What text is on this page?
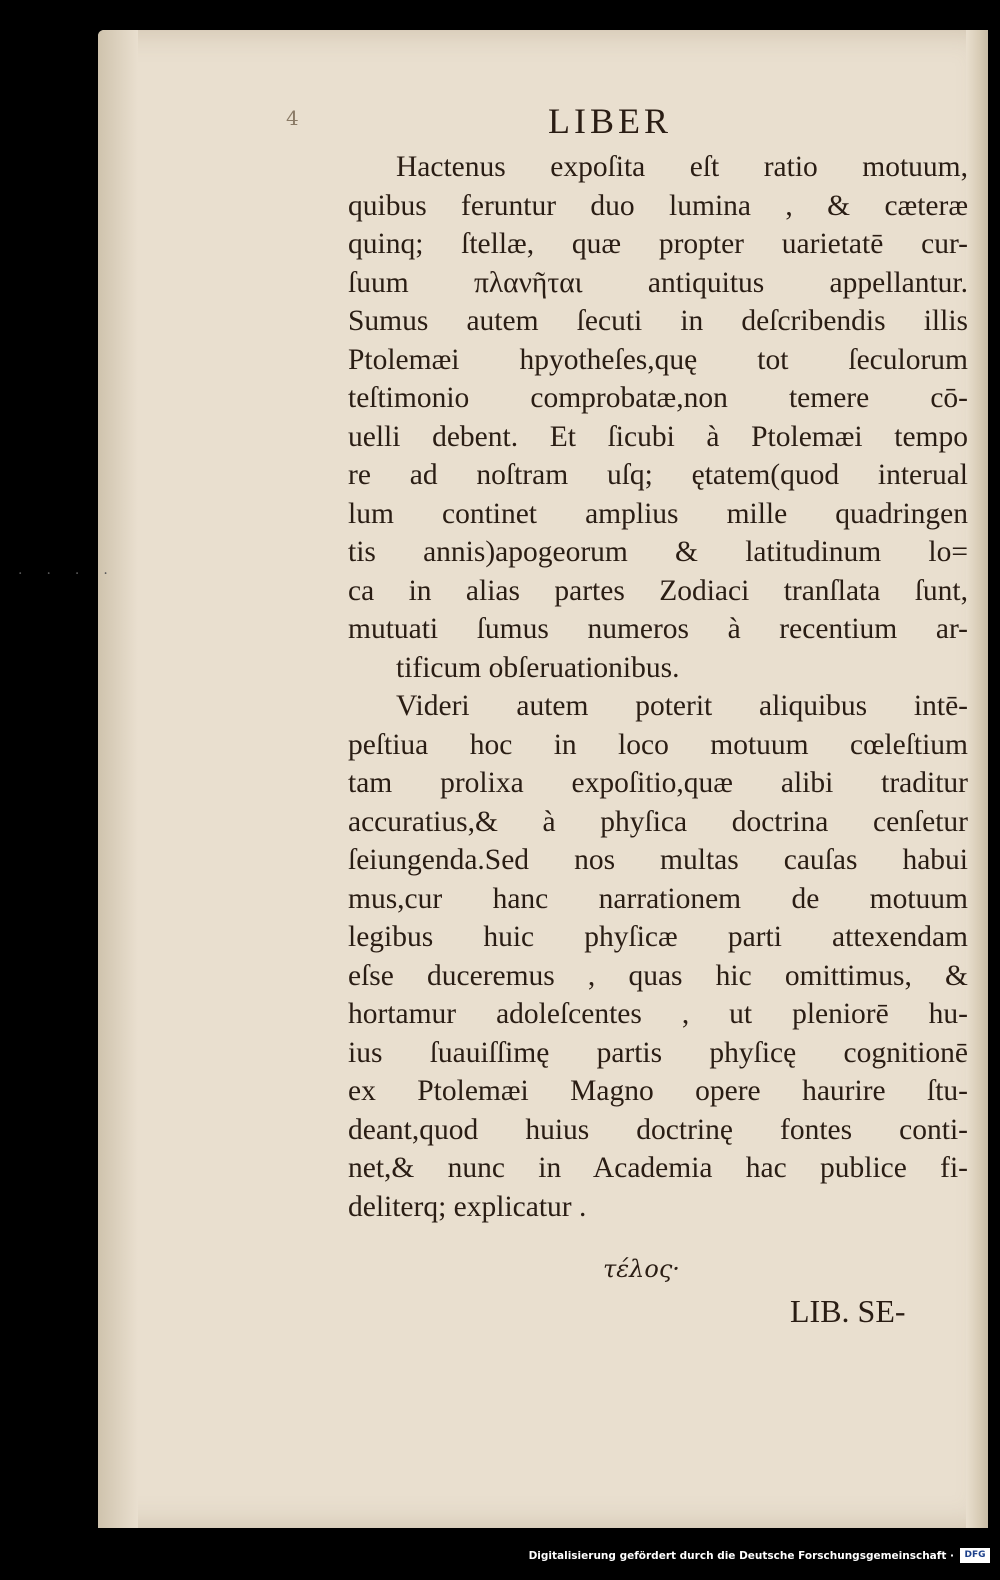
4	LIBER
Hactenus expoſita eſt ratio motuum,
quibus feruntur duo lumina , & cæteræ
quinq; ſtellæ, quæ propter uarietatē cur-
ſuum πλανῆται antiquitus appellantur.
Sumus autem ſecuti in deſcribendis illis
Ptolemæi hpyotheſes,quę tot ſeculorum
teſtimonio comprobatæ,non temere cō-
uelli debent. Et ſicubi à Ptolemæi tempo
re ad noſtram uſq; ętatem(quod interual
lum continet amplius mille quadringen
tis annis)apogeorum & latitudinum lo=
ca in alias partes Zodiaci tranſlata ſunt,
mutuati ſumus numeros à recentium ar-
tificum obſeruationibus.
Videri autem poterit aliquibus intē-
peſtiua hoc in loco motuum cœleſtium
tam prolixa expoſitio,quæ alibi traditur
accuratius,& à phyſica doctrina cenſetur
ſeiungenda.Sed nos multas cauſas habui
mus,cur hanc narrationem de motuum
legibus huic phyſicæ parti attexendam
eſse duceremus , quas hic omittimus, &
hortamur adoleſcentes , ut pleniorē hu-
ius ſuauiſſimę partis phyſicę cognitionē
ex Ptolemæi Magno opere haurire ſtu-
deant,quod huius doctrinę fontes conti-
net,& nunc in Academia hac publice fi-
deliterq; explicatur .
τέλος·
LIB. SE-
····
Digitalisierung gefördert durch die Deutsche Forschungsgemeinschaft ·	DFG
